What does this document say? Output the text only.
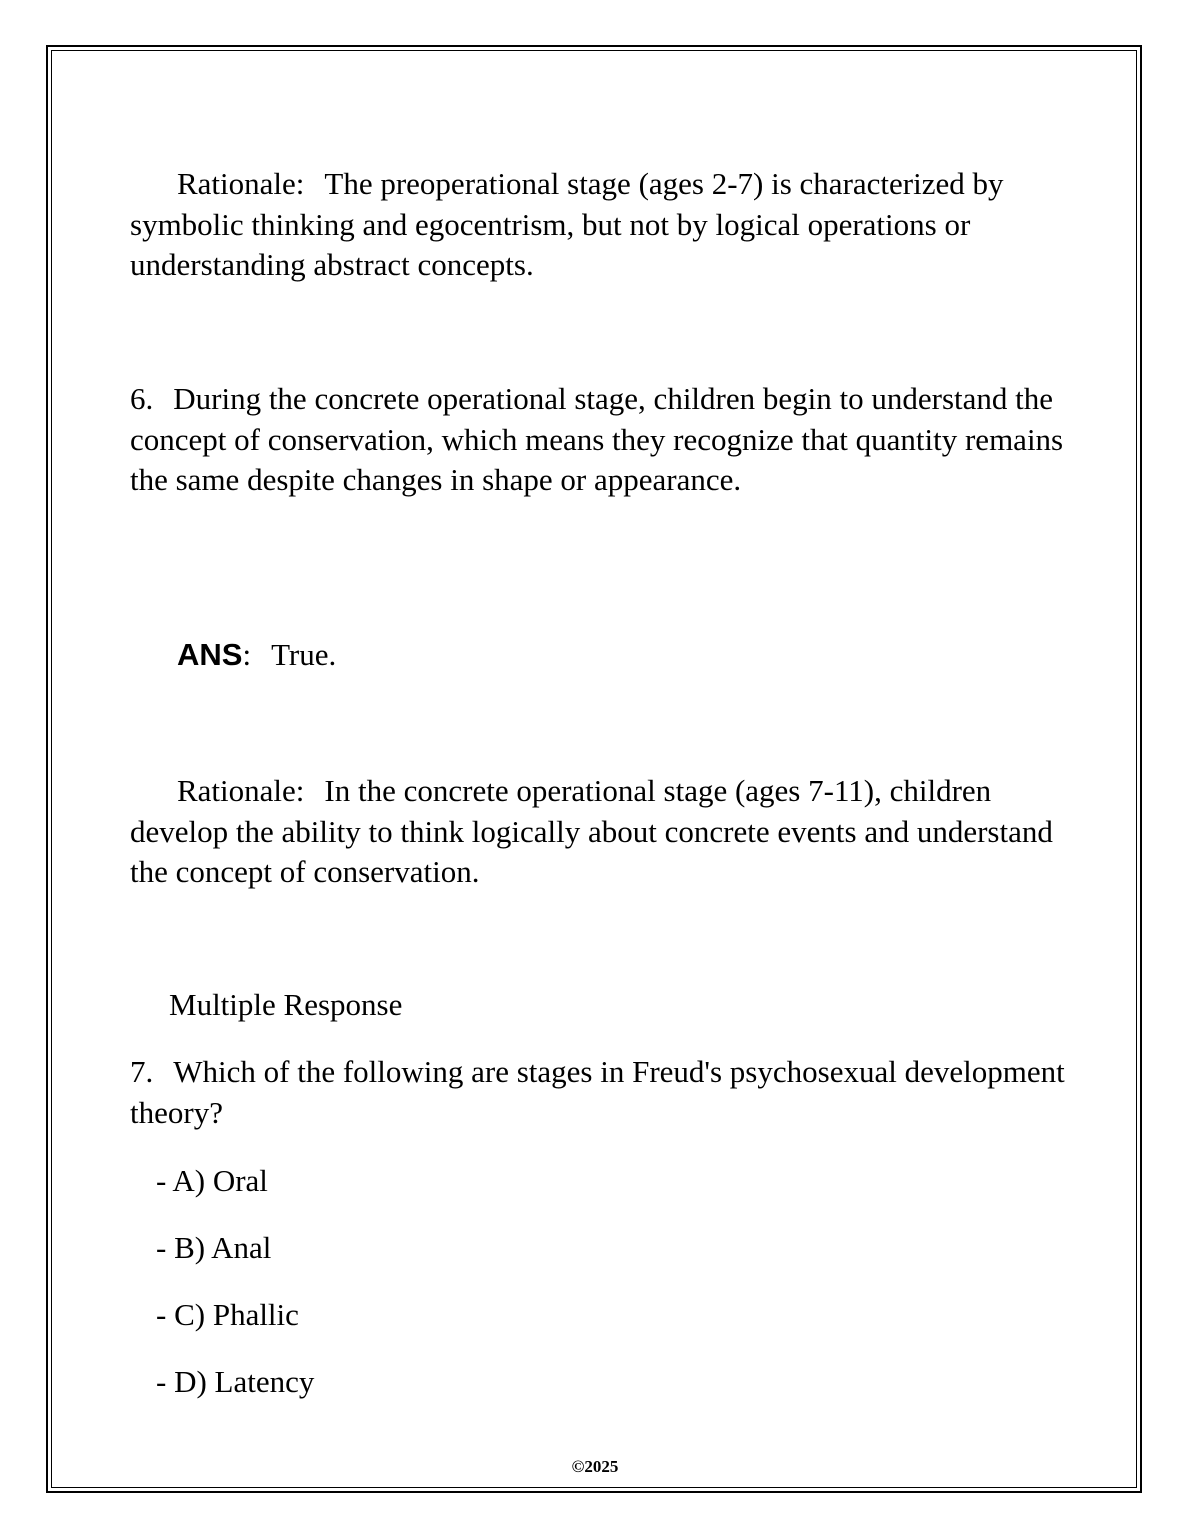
Rationale: The preoperational stage (ages 2-7) is characterized by symbolic thinking and egocentrism, but not by logical operations or understanding abstract concepts.
6. During the concrete operational stage, children begin to understand the concept of conservation, which means they recognize that quantity remains the same despite changes in shape or appearance.
ANS: True.
Rationale: In the concrete operational stage (ages 7-11), children develop the ability to think logically about concrete events and understand the concept of conservation.
Multiple Response
7. Which of the following are stages in Freud's psychosexual development theory?
- A) Oral
- B) Anal
- C) Phallic
- D) Latency
©2025
